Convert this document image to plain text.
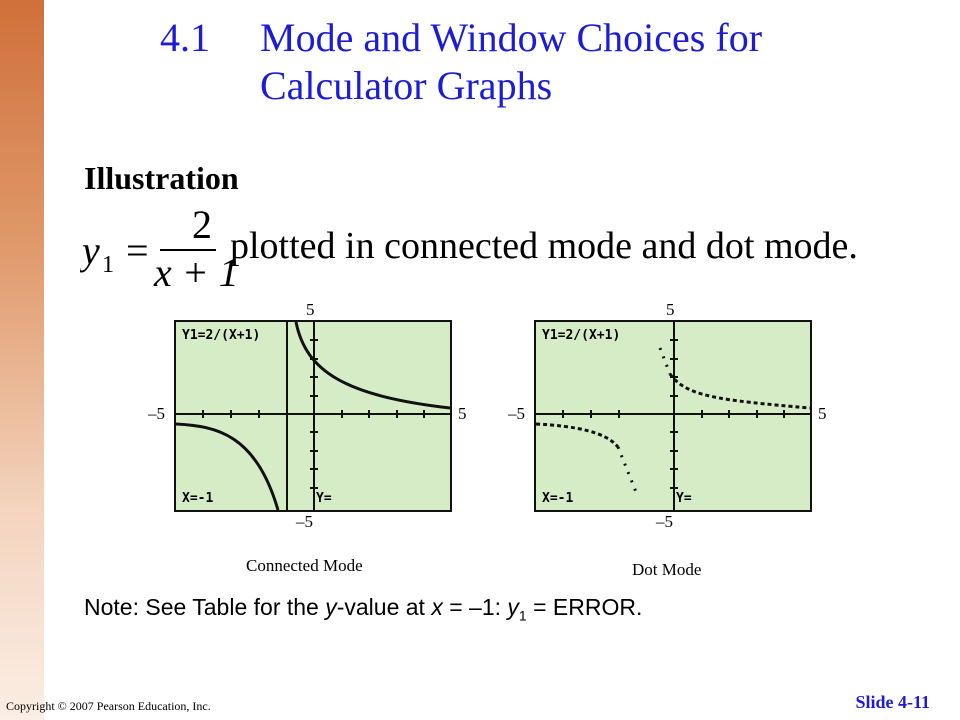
4.1 Mode and Window Choices for Calculator Graphs
Illustration
y 1 =
2
x + 1
plotted in connected mode and dot mode.
5
–5	5
–5
Y1=2/(X+1)
X=-1	Y=
Connected Mode
5
–5	5
–5
Y1=2/(X+1)
X=-1	Y=
Dot Mode
Note: See Table for the y-value at x = –1: $y_1$ = ERROR.
Copyright © 2007 Pearson Education, Inc.	Slide 4-11
